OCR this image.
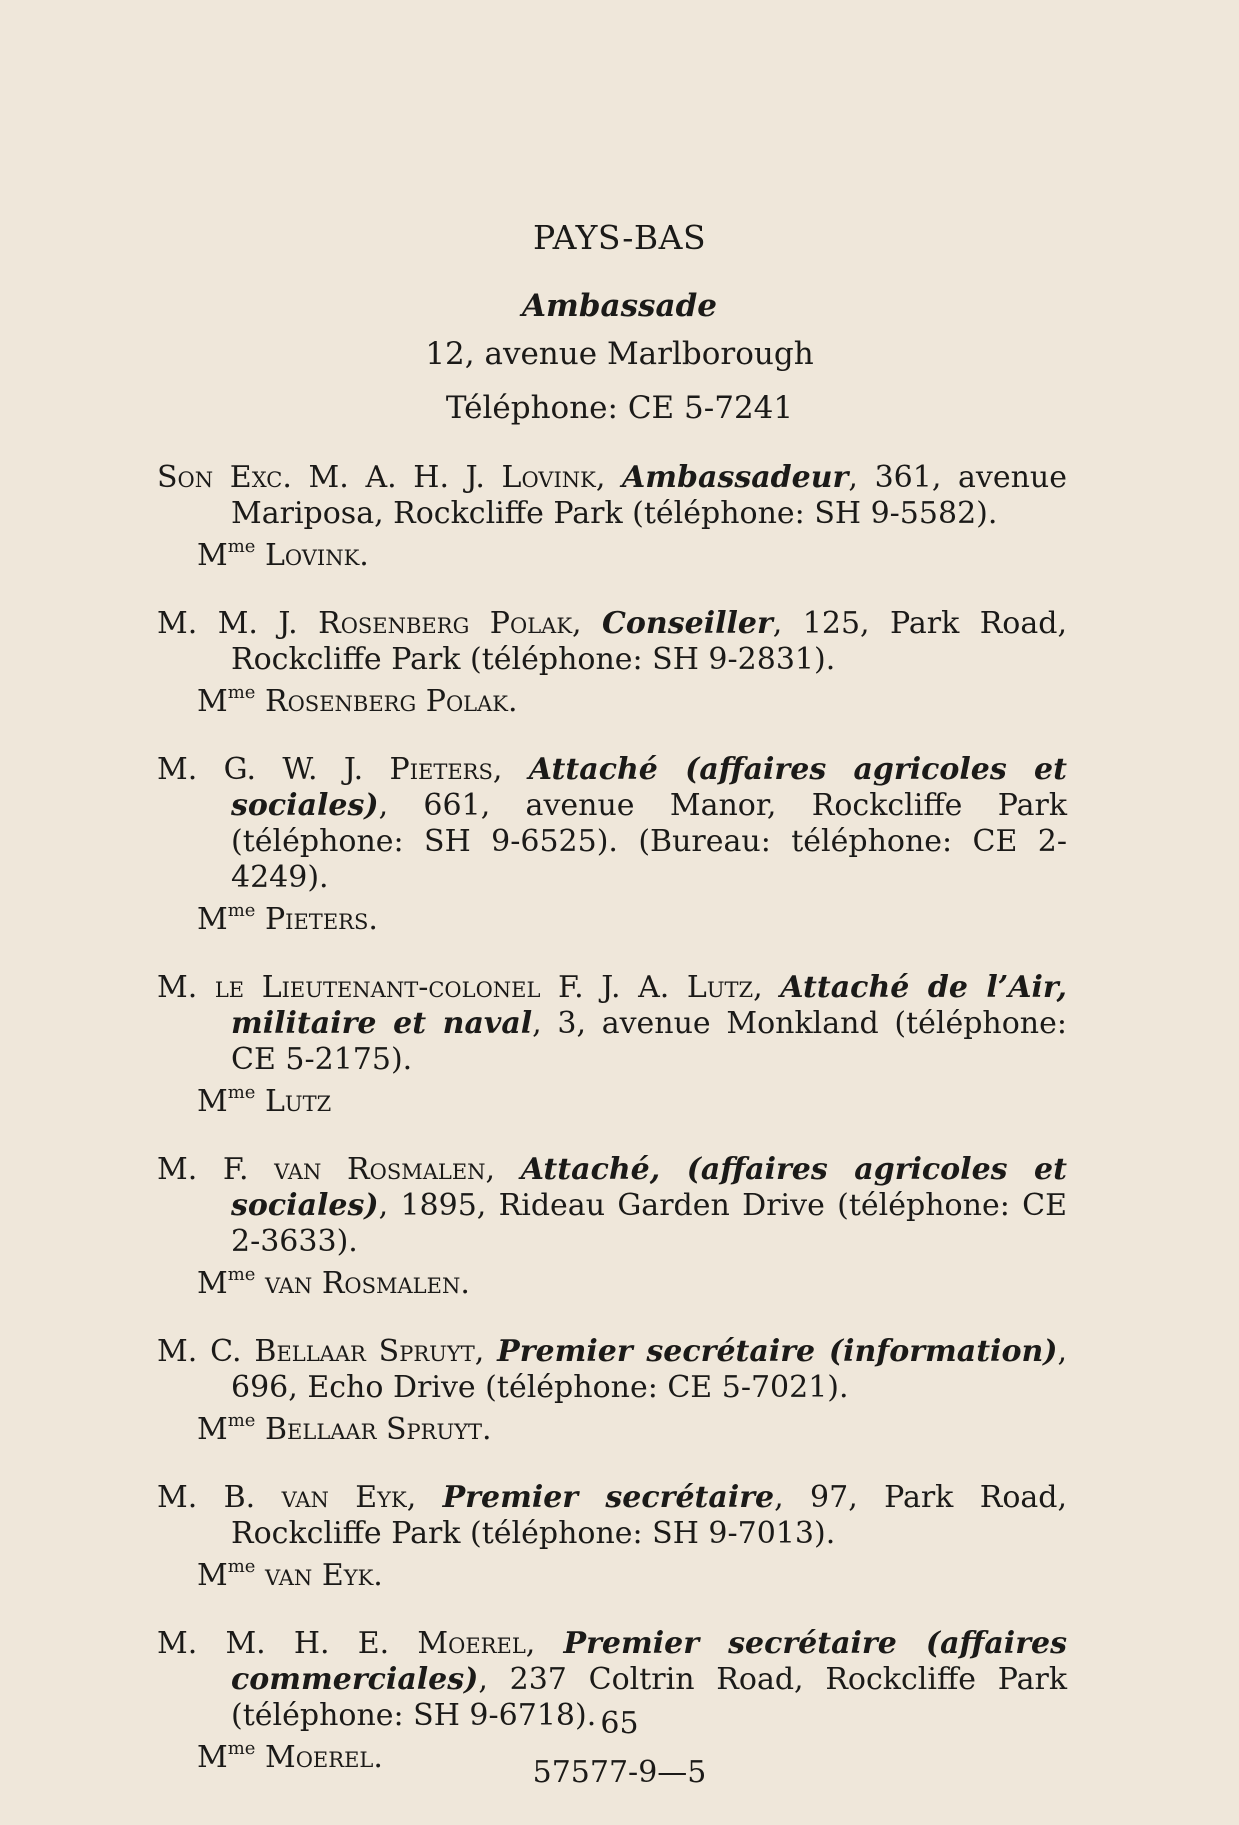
PAYS-BAS
Ambassade
12, avenue Marlborough
Téléphone: CE 5-7241
Son Exc. M. A. H. J. Lovink, Ambassadeur, 361, avenue Mariposa, Rockcliffe Park (téléphone: SH 9-5582).
$M^{me}$ Lovink.
M. M. J. Rosenberg Polak, Conseiller, 125, Park Road, Rockcliffe Park (téléphone: SH 9-2831).
$M^{me}$ Rosenberg Polak.
M. G. W. J. Pieters, Attaché (affaires agricoles et sociales), 661, avenue Manor, Rockcliffe Park (téléphone: SH 9-6525). (Bureau: téléphone: CE 2-4249).
$M^{me}$ Pieters.
M. le Lieutenant-colonel F. J. A. Lutz, Attaché de l’Air, militaire et naval, 3, avenue Monkland (téléphone: CE 5-2175).
$M^{me}$ Lutz
M. F. van Rosmalen, Attaché, (affaires agricoles et sociales), 1895, Rideau Garden Drive (téléphone: CE 2-3633).
$M^{me}$ van Rosmalen.
M. C. Bellaar Spruyt, Premier secrétaire (information), 696, Echo Drive (téléphone: CE 5-7021).
$M^{me}$ Bellaar Spruyt.
M. B. van Eyk, Premier secrétaire, 97, Park Road, Rockcliffe Park (téléphone: SH 9-7013).
$M^{me}$ van Eyk.
M. M. H. E. Moerel, Premier secrétaire (affaires commerciales), 237 Coltrin Road, Rockcliffe Park (téléphone: SH 9-6718).
$M^{me}$ Moerel.
65
57577-9—5
